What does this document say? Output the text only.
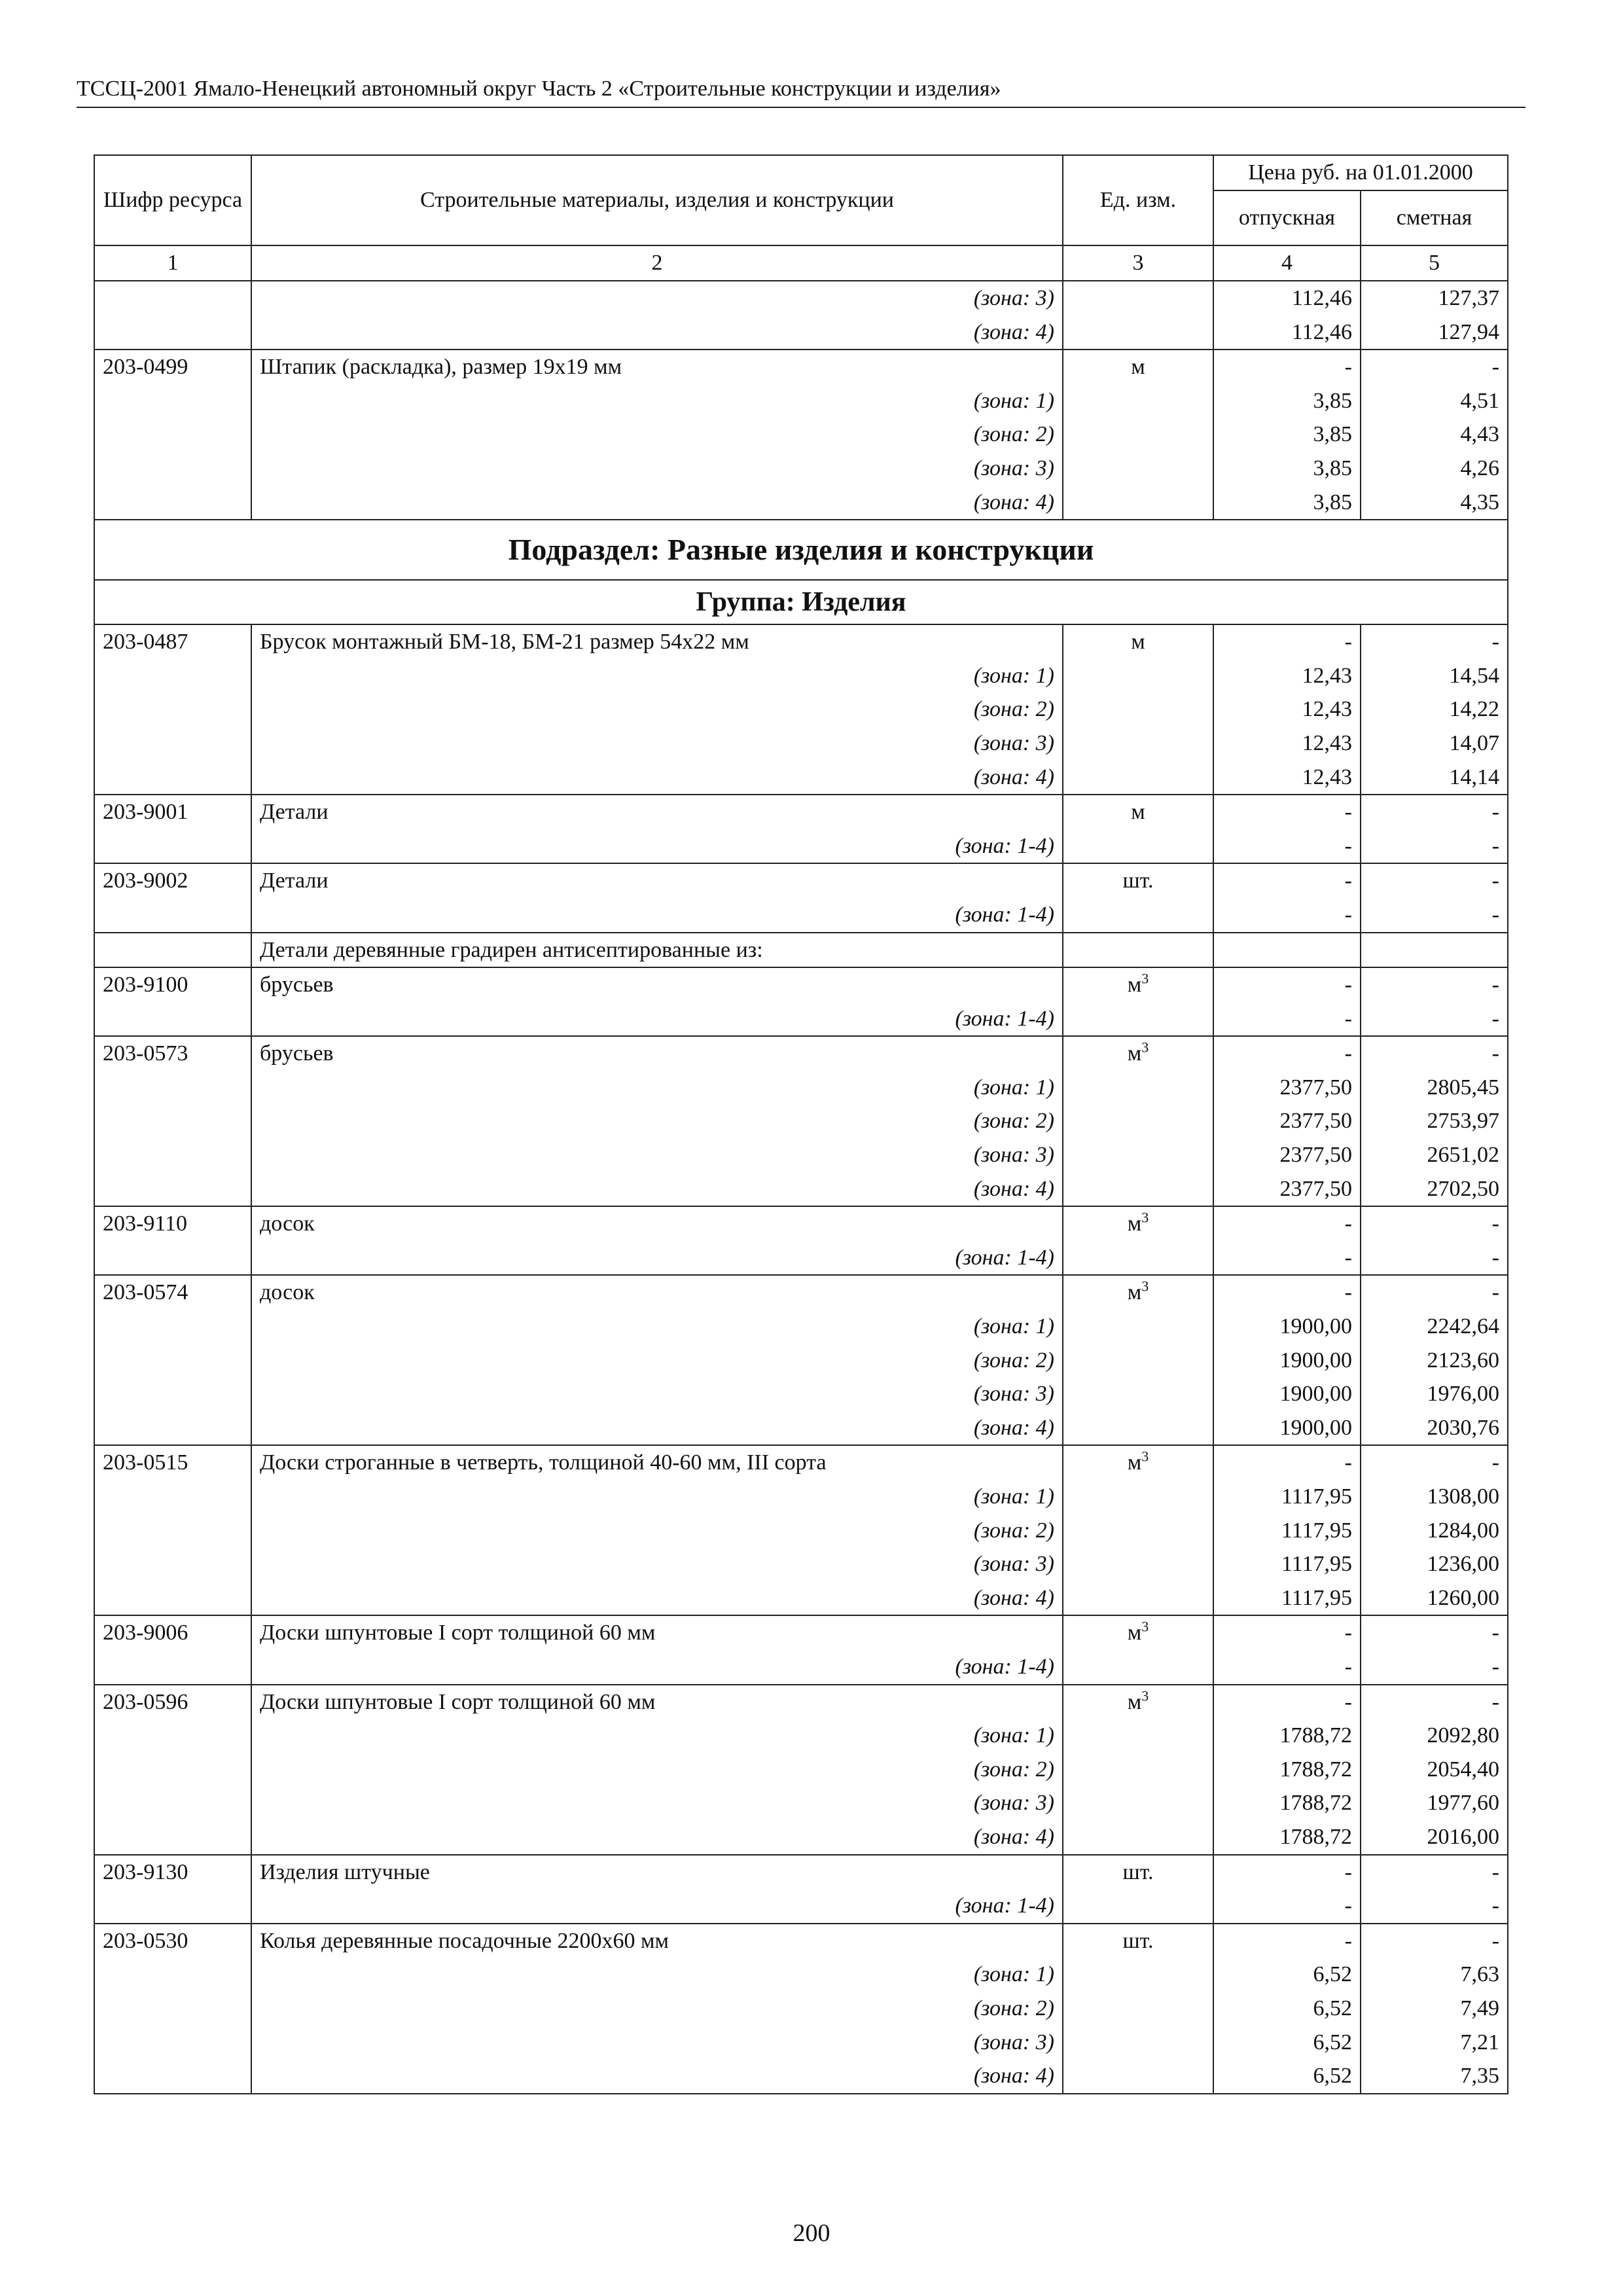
ТССЦ-2001 Ямало-Ненецкий автономный округ Часть 2 «Строительные конструкции и изделия»
Шифр ресурса	Строительные материалы, изделия и конструкции	Ед. изм.	Цена руб. на 01.01.2000	
			отпускная	сметная
1	2	3	4	5
	(зона: 3)		112,46	127,37
	(зона: 4)		112,46	127,94
203-0499	Штапик (раскладка), размер 19х19 мм	м	-	-
	(зона: 1)		3,85	4,51
	(зона: 2)		3,85	4,43
	(зона: 3)		3,85	4,26
	(зона: 4)		3,85	4,35
Подраздел: Разные изделия и конструкции				
Группа: Изделия				
203-0487	Брусок монтажный БМ-18, БМ-21 размер 54х22 мм	м	-	-
	(зона: 1)		12,43	14,54
	(зона: 2)		12,43	14,22
	(зона: 3)		12,43	14,07
	(зона: 4)		12,43	14,14
203-9001	Детали	м	-	-
	(зона: 1-4)		-	-
203-9002	Детали	шт.	-	-
	(зона: 1-4)		-	-
	Детали деревянные градирен антисептированные из:			
203-9100	брусьев	$м^3$	-	-
	(зона: 1-4)		-	-
203-0573	брусьев	$м^3$	-	-
	(зона: 1)		2377,50	2805,45
	(зона: 2)		2377,50	2753,97
	(зона: 3)		2377,50	2651,02
	(зона: 4)		2377,50	2702,50
203-9110	досок	$м^3$	-	-
	(зона: 1-4)		-	-
203-0574	досок	$м^3$	-	-
	(зона: 1)		1900,00	2242,64
	(зона: 2)		1900,00	2123,60
	(зона: 3)		1900,00	1976,00
	(зона: 4)		1900,00	2030,76
203-0515	Доски строганные в четверть, толщиной 40-60 мм, III сорта	$м^3$	-	-
	(зона: 1)		1117,95	1308,00
	(зона: 2)		1117,95	1284,00
	(зона: 3)		1117,95	1236,00
	(зона: 4)		1117,95	1260,00
203-9006	Доски шпунтовые I сорт толщиной 60 мм	$м^3$	-	-
	(зона: 1-4)		-	-
203-0596	Доски шпунтовые I сорт толщиной 60 мм	$м^3$	-	-
	(зона: 1)		1788,72	2092,80
	(зона: 2)		1788,72	2054,40
	(зона: 3)		1788,72	1977,60
	(зона: 4)		1788,72	2016,00
203-9130	Изделия штучные	шт.	-	-
	(зона: 1-4)		-	-
203-0530	Колья деревянные посадочные 2200х60 мм	шт.	-	-
	(зона: 1)		6,52	7,63
	(зона: 2)		6,52	7,49
	(зона: 3)		6,52	7,21
	(зона: 4)		6,52	7,35
200
